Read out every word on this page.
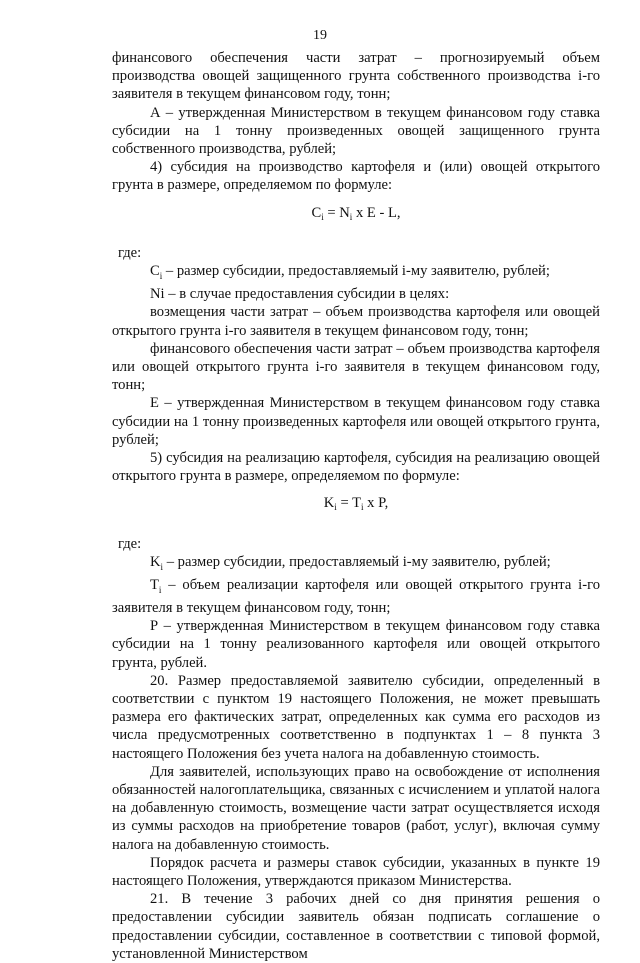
19

финансового обеспечения части затрат – прогнозируемый объем производства овощей защищенного грунта собственного производства i-го заявителя в текущем финансовом году, тонн;

А – утвержденная Министерством в текущем финансовом году ставка субсидии на 1 тонну произведенных овощей защищенного грунта собственного производства, рублей;

4) субсидия на производство картофеля и (или) овощей открытого грунта в размере, определяемом по формуле:

$C_i = N_i$ x E - L,

где:

$C_i$ – размер субсидии, предоставляемый i-му заявителю, рублей;

Ni – в случае предоставления субсидии в целях:

возмещения части затрат – объем производства картофеля или овощей открытого грунта i-го заявителя в текущем финансовом году, тонн;

финансового обеспечения части затрат – объем производства картофеля или овощей открытого грунта i-го заявителя в текущем финансовом году, тонн;

Е – утвержденная Министерством в текущем финансовом году ставка субсидии на 1 тонну произведенных картофеля или овощей открытого грунта, рублей;

5) субсидия на реализацию картофеля, субсидия на реализацию овощей открытого грунта в размере, определяемом по формуле:

$K_i = T_i$ x P,

где:

$K_i$ – размер субсидии, предоставляемый i-му заявителю, рублей;

$T_i$ – объем реализации картофеля или овощей открытого грунта i-го заявителя в текущем финансовом году, тонн;

Р – утвержденная Министерством в текущем финансовом году ставка субсидии на 1 тонну реализованного картофеля или овощей открытого грунта, рублей.

20. Размер предоставляемой заявителю субсидии, определенный в соответствии с пунктом 19 настоящего Положения, не может превышать размера его фактических затрат, определенных как сумма его расходов из числа предусмотренных соответственно в подпунктах 1 – 8 пункта 3 настоящего Положения без учета налога на добавленную стоимость.

Для заявителей, использующих право на освобождение от исполнения обязанностей налогоплательщика, связанных с исчислением и уплатой налога на добавленную стоимость, возмещение части затрат осуществляется исходя из суммы расходов на приобретение товаров (работ, услуг), включая сумму налога на добавленную стоимость.

Порядок расчета и размеры ставок субсидии, указанных в пункте 19 настоящего Положения, утверждаются приказом Министерства.

21. В течение 3 рабочих дней со дня принятия решения о предоставлении субсидии заявитель обязан подписать соглашение о предоставлении субсидии, составленное в соответствии с типовой формой, установленной Министерством
